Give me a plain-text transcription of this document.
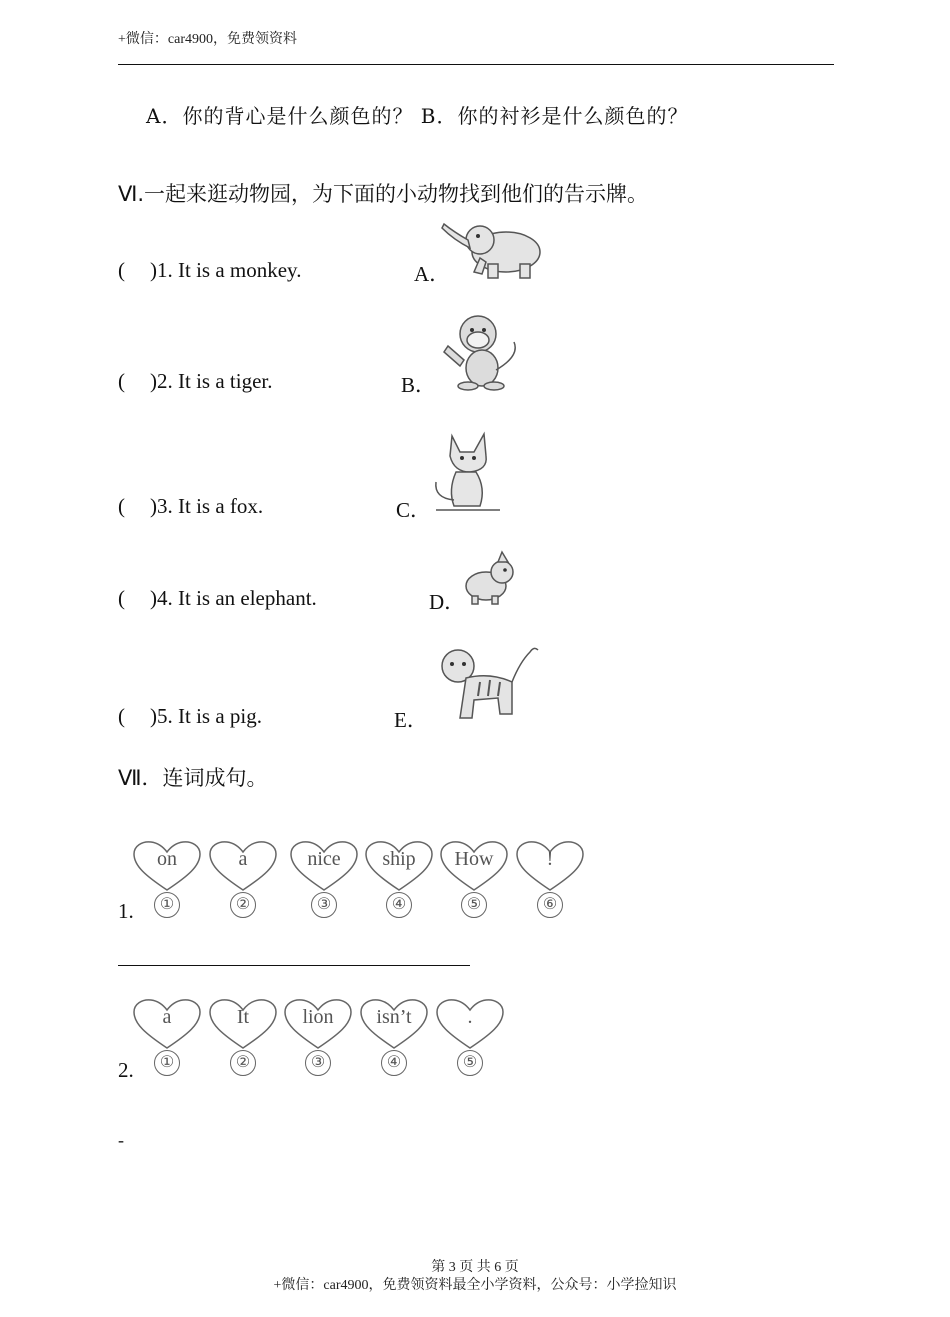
+微信：car4900，免费领资料
A．你的背心是什么颜色的？ B．你的衬衫是什么颜色的？
Ⅵ.一起来逛动物园，为下面的小动物找到他们的告示牌。
( )1. It is a monkey.	A．
( )2. It is a tiger.	B．
( )3. It is a fox.	C．
( )4. It is an elephant.	D．
( )5. It is a pig.	E．
Ⅶ．连词成句。
1.
on
①
a
②
nice
③
ship
④
How
⑤
!
⑥
2.
a
①
It
②
lion
③
isn’t
④
.
⑤
-
第 3 页 共 6 页
+微信：car4900，免费领资料最全小学资料，公众号：小学捡知识
